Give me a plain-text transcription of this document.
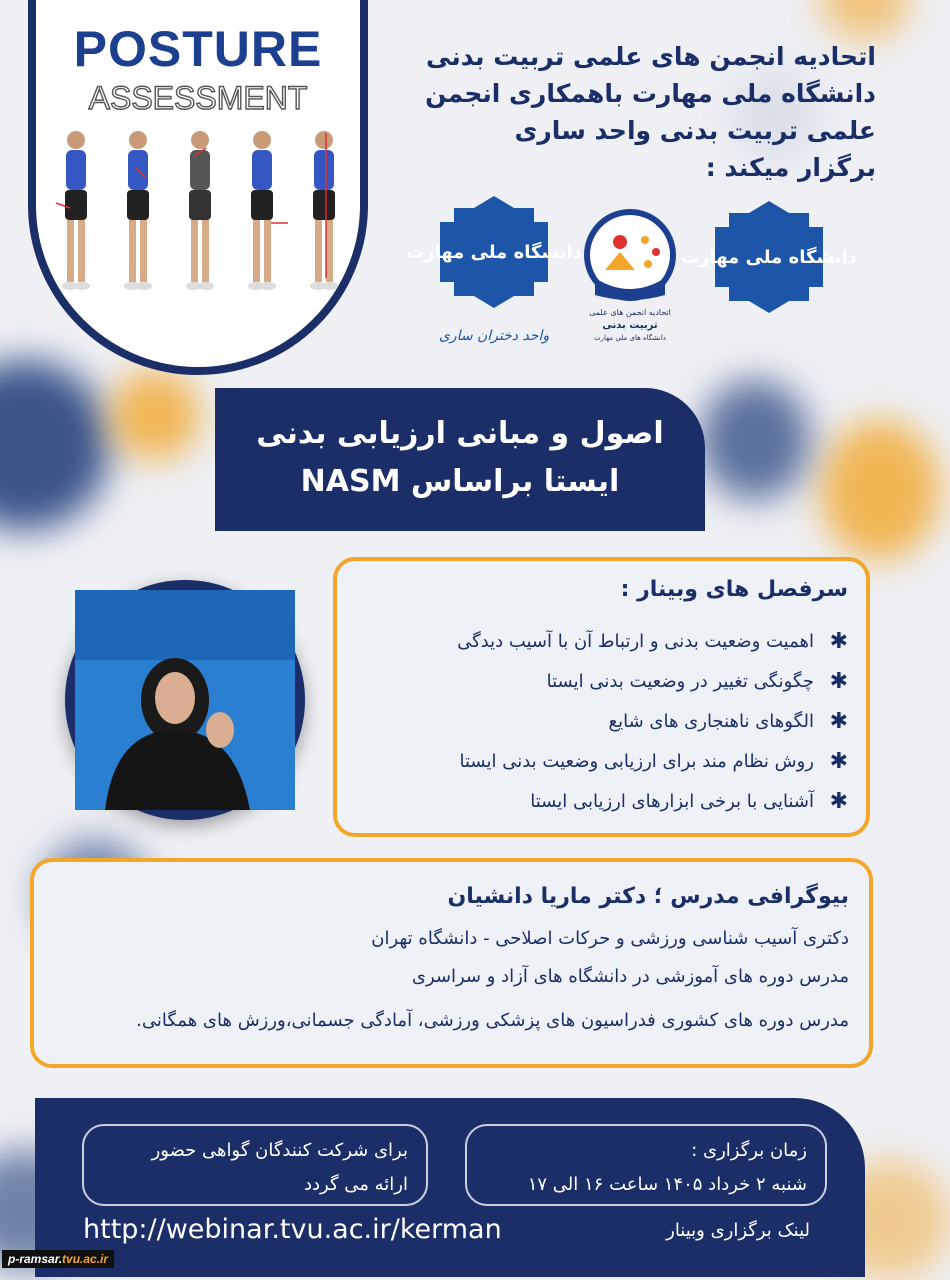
POSTURE
ASSESSMENT
اتحادیه انجمن های علمی تربیت بدنی
دانشگاه ملی مهارت باهمکاری انجمن
علمی تربیت بدنی واحد ساری
برگزار میکند :
دانشگاه ملی مهارت
واحد دختران ساری
اتحادیه انجمن های علمی
تربیت بدنی
دانشگاه های ملی مهارت
دانشگاه ملی مهارت
اصول و مبانی ارزیابی بدنی
ایستا براساس NASM
سرفصل های وبینار :
✱
اهمیت وضعیت بدنی و ارتباط آن با آسیب دیدگی
✱
چگونگی تغییر در وضعیت بدنی ایستا
✱
الگوهای ناهنجاری های شایع
✱
روش نظام مند برای ارزیابی وضعیت بدنی ایستا
✱
آشنایی با برخی ابزارهای ارزیابی ایستا
بیوگرافی مدرس ؛ دکتر ماریا دانشیان

دکتری آسیب شناسی ورزشی و حرکات اصلاحی - دانشگاه تهران

مدرس دوره های آموزشی در دانشگاه های آزاد و سراسری

مدرس دوره های کشوری فدراسیون های پزشکی ورزشی، آمادگی جسمانی،ورزش های همگانی.

زمان برگزاری :
شنبه ۲ خرداد ۱۴۰۵ ساعت ۱۶ الی ۱۷
برای شرکت کنندگان گواهی حضور
ارائه می گردد
http://webinar.tvu.ac.ir/kerman	لینک برگزاری وبینار
p-ramsar.tvu.ac.ir
